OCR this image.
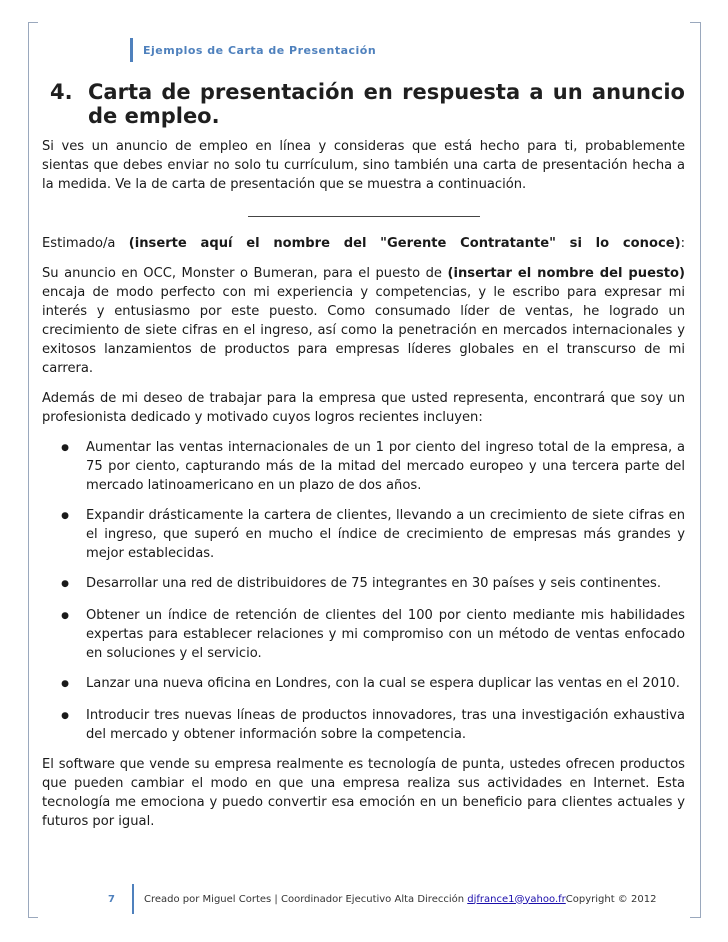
Ejemplos de Carta de Presentación
4. Carta de presentación en respuesta a un anuncio de empleo.

Si ves un anuncio de empleo en línea y consideras que está hecho para ti, probablemente sientas que debes enviar no solo tu currículum, sino también una carta de presentación hecha a la medida. Ve la de carta de presentación que se muestra a continuación.

Estimado/a (inserte aquí el nombre del "Gerente Contratante" si lo conoce):

Su anuncio en OCC, Monster o Bumeran, para el puesto de (insertar el nombre del puesto) encaja de modo perfecto con mi experiencia y competencias, y le escribo para expresar mi interés y entusiasmo por este puesto. Como consumado líder de ventas, he logrado un crecimiento de siete cifras en el ingreso, así como la penetración en mercados internacionales y exitosos lanzamientos de productos para empresas líderes globales en el transcurso de mi carrera.

Además de mi deseo de trabajar para la empresa que usted representa, encontrará que soy un profesionista dedicado y motivado cuyos logros recientes incluyen:

●
Aumentar las ventas internacionales de un 1 por ciento del ingreso total de la empresa, a 75 por ciento, capturando más de la mitad del mercado europeo y una tercera parte del mercado latinoamericano en un plazo de dos años.
●
Expandir drásticamente la cartera de clientes, llevando a un crecimiento de siete cifras en el ingreso, que superó en mucho el índice de crecimiento de empresas más grandes y mejor establecidas.
●
Desarrollar una red de distribuidores de 75 integrantes en 30 países y seis continentes.
●
Obtener un índice de retención de clientes del 100 por ciento mediante mis habilidades expertas para establecer relaciones y mi compromiso con un método de ventas enfocado en soluciones y el servicio.
●
Lanzar una nueva oficina en Londres, con la cual se espera duplicar las ventas en el 2010.
●
Introducir tres nuevas líneas de productos innovadores, tras una investigación exhaustiva del mercado y obtener información sobre la competencia.

El software que vende su empresa realmente es tecnología de punta, ustedes ofrecen productos que pueden cambiar el modo en que una empresa realiza sus actividades en Internet. Esta tecnología me emociona y puedo convertir esa emoción en un beneficio para clientes actuales y futuros por igual.

7	Creado por Miguel Cortes | Coordinador Ejecutivo Alta Dirección
djfrance1@yahoo.fr Copyright © 2012
